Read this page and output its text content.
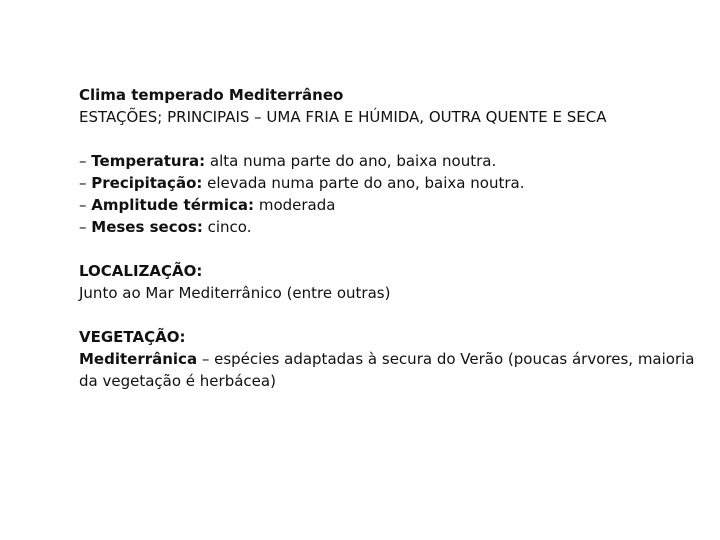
Clima temperado Mediterrâneo
ESTAÇÕES; PRINCIPAIS – UMA FRIA E HÚMIDA, OUTRA QUENTE E SECA
– Temperatura: alta numa parte do ano, baixa noutra.
– Precipitação: elevada numa parte do ano, baixa noutra.
– Amplitude térmica: moderada
– Meses secos: cinco.
LOCALIZAÇÃO:
Junto ao Mar Mediterrânico (entre outras)
VEGETAÇÃO:
Mediterrânica – espécies adaptadas à secura do Verão (poucas árvores, maioria da vegetação é herbácea)
